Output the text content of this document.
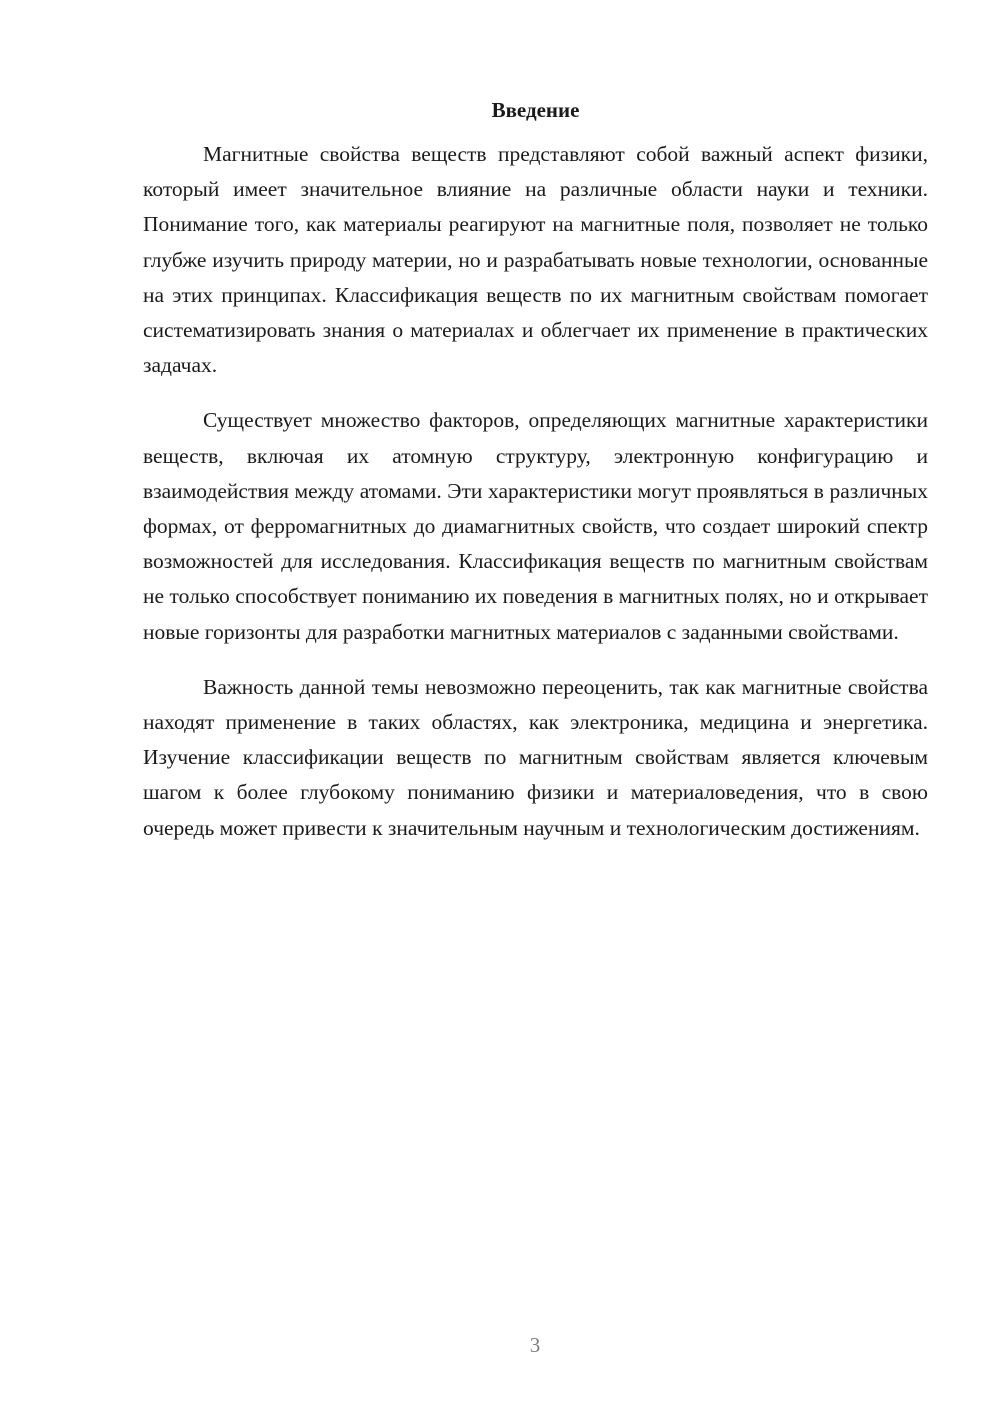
Введение

Магнитные свойства веществ представляют собой важный аспект физики, который имеет значительное влияние на различные области науки и техники. Понимание того, как материалы реагируют на магнитные поля, позволяет не только глубже изучить природу материи, но и разрабатывать новые технологии, основанные на этих принципах. Классификация веществ по их магнитным свойствам помогает систематизировать знания о материалах и облегчает их применение в практических задачах.

Существует множество факторов, определяющих магнитные характеристики веществ, включая их атомную структуру, электронную конфигурацию и взаимодействия между атомами. Эти характеристики могут проявляться в различных формах, от ферромагнитных до диамагнитных свойств, что создает широкий спектр возможностей для исследования. Классификация веществ по магнитным свойствам не только способствует пониманию их поведения в магнитных полях, но и открывает новые горизонты для разработки магнитных материалов с заданными свойствами.

Важность данной темы невозможно переоценить, так как магнитные свойства находят применение в таких областях, как электроника, медицина и энергетика. Изучение классификации веществ по магнитным свойствам является ключевым шагом к более глубокому пониманию физики и материаловедения, что в свою очередь может привести к значительным научным и технологическим достижениям.

3
